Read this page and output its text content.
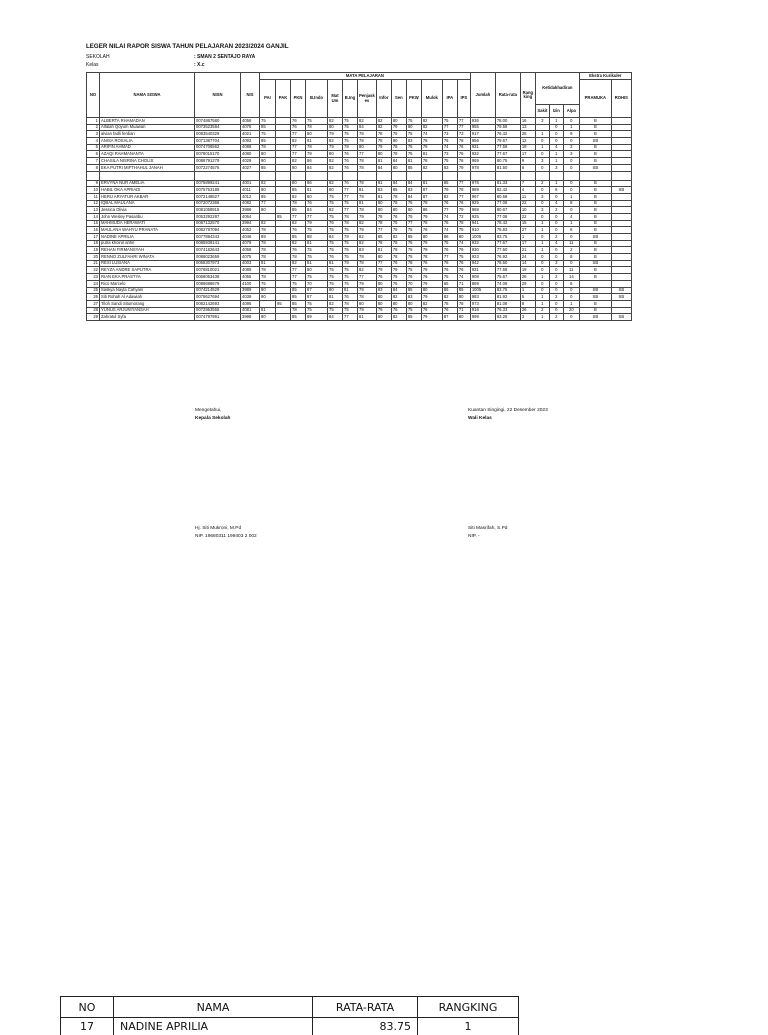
LEGER NILAI RAPOR SISWA TAHUN PELAJARAN 2023/2024 GANJIL
SEKOLAH	: SMAN 2 SENTAJO RAYA
Kelas	: X.c
NO	NAMA SISWA	NISN	NIS	MATA PELAJARAN													Jumlah	Rata-rata	Rang king	Ketidakhadiran			Ekstra Kurikuler	
				PAI	PAK	PKN	B.Indo	Mat Um	B.Ing	Penjask es	Infor	Sen	PKW	Mulok	IPA	IPS							PRAMUKA	ROHIS
																				Sakit	Izin	Alpa		
1	ALBERTA RHAMADAN	0074867580	4056	75		76	75	82	75	82	82	80	75	82	75	77	936	78.00	16	3	1	0	B	
2	Alfalah Qoyum Muawan	0073523584	4076	85		76	78	80	75	84	82	79	80	82	77	77	955	79.58	13		0	1	B	
3	alvian fadli ferdian	0083540329	4021	75		77	80	79	75	78	78	75	75	74	73	73	917	76.42	25	1	0	9	B	
4	ANISA ROSALIA	0071387704	4092	85		82	81	82	75	78	78	80	83	78	76	78	956	79.67	12	0	0	0	SB	
5	ARIFIN AHMAD	0074706562	4088	78		77	78	79	78	80	79	78	75	79	74	76	931	77.58	19	1	4	3	B	
6	AZAQI RAHMANANTA	0078015170	4080	80		77	79	80	76	77	80	78	75	81	73	76	932	77.67	17	0	1	3	B	
7	CHASILA NISRINA CHOLIS	0086791279	4029	90		82	86	82	76	78	81	84	81	78	75	76	969	80.75	9	3	1	0	B	
8	EKA PUTRI MIFTHAHUL JANAH	0072274576	4027	85		80	84	82	76	78	84	80	85	82	83	79	978	81.50	6	0	3	0	SB	

9	ERVYNA NUR AMELIA	0075899241	4001	82		80	86	82	76	78	81	84	84	81	85	77	976	81.33	7	2	1	0	B	
10	HABIL OKA APRIADI	0075753189	4011	90		85	81	80	77	81	83	85	83	87	79	78	989	82.42	4	0	6	0	B	SB
11	HERU ARYATUR AKBAR	0072148827	4012	85		82	80	75	77	79	81	78	84	87	82	77	967	80.58	11	3	0	1	B	
12	IQBAL MAULANA	0072072366	4082	77		78	76	75	75	81	80	78	75	78	76	76	925	77.08	22	0	4	8	B	
13	Jessica Olivia	0081058915	3986	80		85	84	82	77	78	80	80	80	86	77	79	968	80.67	10	3	2	0	B	
14	John Wesley Pasaribu	0053292287	4064		85	77	77	75	78	79	78	76	75	79	74	72	925	77.08	22	0	0	4	B	
15	MAHMUDA HERAWATI	0087132570	3994	82		82	79	76	78	82	78	75	77	78	76	78	941	78.42	15	1	0	1	B	
16	MAULANA WAHYU PRANATA	0082787094	4052	78		76	75	75	75	79	77	75	75	76	74	75	910	75.83	27	1	0	6	B	
17	NADINE APRILIA	0077884343	4046	89		85	88	84	79	82	85	82	85	80	86	80	1005	83.75	1	0	2	0	SB	
18	putra khoirul arifin	0085939141	4079	78		82	81	75	75	82	78	78	75	79	75	74	932	77.67	17	1	4	11	B	
19	REHAN FIRMANSYAH	0074182643	4058	78		76	75	75	75	83	81	78	75	79	76	76	930	77.50	21	1	0	2	B	
20	RENNO ZULFAHRI WINATA	0086023659	4075	78		78	75	76	75	78	80	78	75	78	77	75	923	76.92	24	0	0	8	B	
21	RESI LUSIANA	0068307973	4003	81		82	81	81	79	78	77	76	78	76	78	76	942	78.50	14	0	3	0	SB	
22	REYZA ANDRE SAPUTRA	0076810021	4089	78		77	80	75	75	82	79	79	75	79	76	76	931	77.58	19	0	0	11	B	
23	RIAN EKA PRASTYA	0068053438	4055	78		77	75	75	75	77	76	75	76	76	75	74	908	75.67	28	1	2	14	B	
24	Rico Marcelo	0088688679	4100	75		75	70	75	75	79	80	75	70	79	65	71	889	74.08	29	0	0	6		
25	Saskya Nayla Cahyani	0074214529	3989	90		85	87	80	81	79	83	84	85	80	86	85	1005	83.75	1	0	0	0	SB	SB
26	Siti Rohah Al Adawiah	0078627694	4039	90		85	87	81	76	78	80	82	83	79	82	80	983	81.92	5	1	2	0	SB	SB
27	Tiloh Sandi Situmorang	0082142693	4095		95	85	75	82	78	80	80	80	80	82	78	78	973	81.08	8	1	0	1	B	
28	YUNUS ARJUNIYANSAH	0072953555	4081	81		78	75	75	75	79	79	76	75	76	76	71	916	76.33	26	2	0	20	B	
29	Zahratul Syfa	0074797991	3998	90		85	89	84	77	81	80	82	85	79	87	80	999	83.25	3	1	2	0	SB	SB
Mengetahui,
Kepala Sekolah
Kuantan Singingi, 22 Desember 2023
Wali Kelas
Hj. Siti Mukroni, M.Pd
NIP. 19680311 199403 2 002
Siti Masrifah, S.Pd
NIP. -
NO	NAMA	RATA-RATA	RANGKING
17	NADINE APRILIA	83.75	1
